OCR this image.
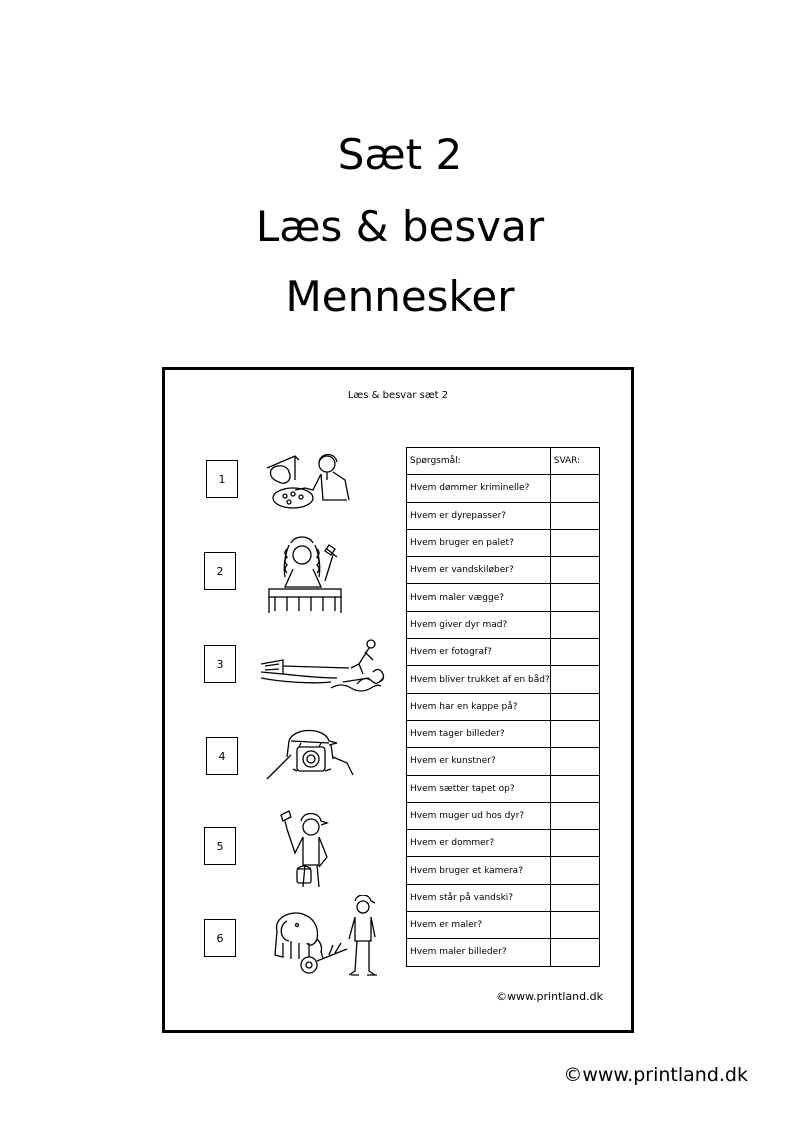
Sæt 2
Læs & besvar
Mennesker
Læs & besvar sæt 2
1
2
3
4
5
6
Spørgsmål:	SVAR:
Hvem dømmer kriminelle?	
Hvem er dyrepasser?	
Hvem bruger en palet?	
Hvem er vandskiløber?	
Hvem maler vægge?	
Hvem giver dyr mad?	
Hvem er fotograf?	
Hvem bliver trukket af en båd?	
Hvem har en kappe på?	
Hvem tager billeder?	
Hvem er kunstner?	
Hvem sætter tapet op?	
Hvem muger ud hos dyr?	
Hvem er dommer?	
Hvem bruger et kamera?	
Hvem står på vandski?	
Hvem er maler?	
Hvem maler billeder?	
©www.printland.dk
©www.printland.dk
